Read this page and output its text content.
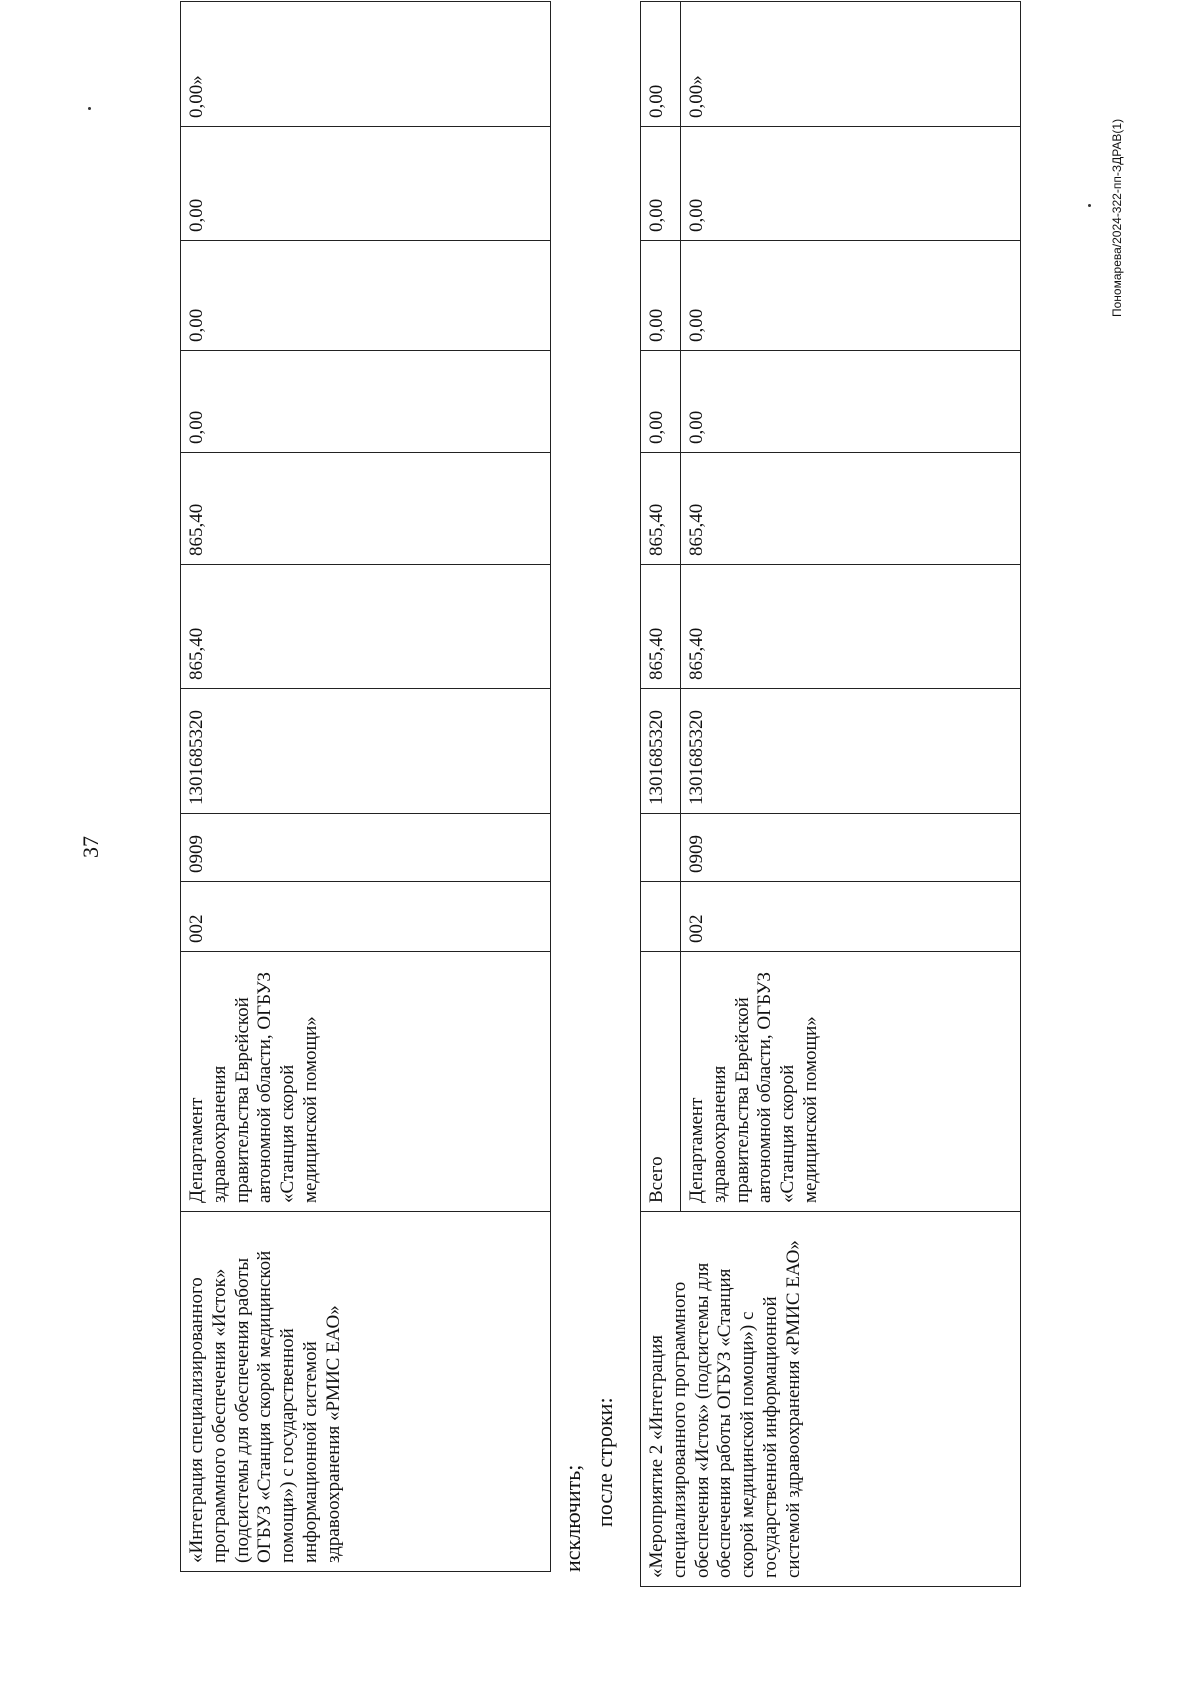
37
«Интеграция специализированного программного обеспечения «Исток» (подсистемы для обеспечения работы ОГБУЗ «Станция скорой медицинской помощи») с государственной информационной системой здравоохранения «РМИС ЕАО»	Департамент здравоохранения правительства Еврейской автономной области, ОГБУЗ «Станция скорой медицинской помощи»	002	0909	1301685320	865,40	865,40	0,00	0,00	0,00	0,00»
исключить; после строки: «Мероприятие 2 «Интеграция специализированного программного обеспечения «Исток» (подсистемы для обеспечения работы ОГБУЗ «Станция скорой медицинской помощи») с государственной информационной системой здравоохранения «РМИС ЕАО»	Всего			1301685320	865,40	865,40	0,00	0,00	0,00	0,00
	Департамент здравоохранения правительства Еврейской автономной области, ОГБУЗ «Станция скорой медицинской помощи»	002	0909	1301685320	865,40	865,40	0,00	0,00	0,00	0,00»
Пономарева/2024-322-пп-ЗДРАВ(1)
